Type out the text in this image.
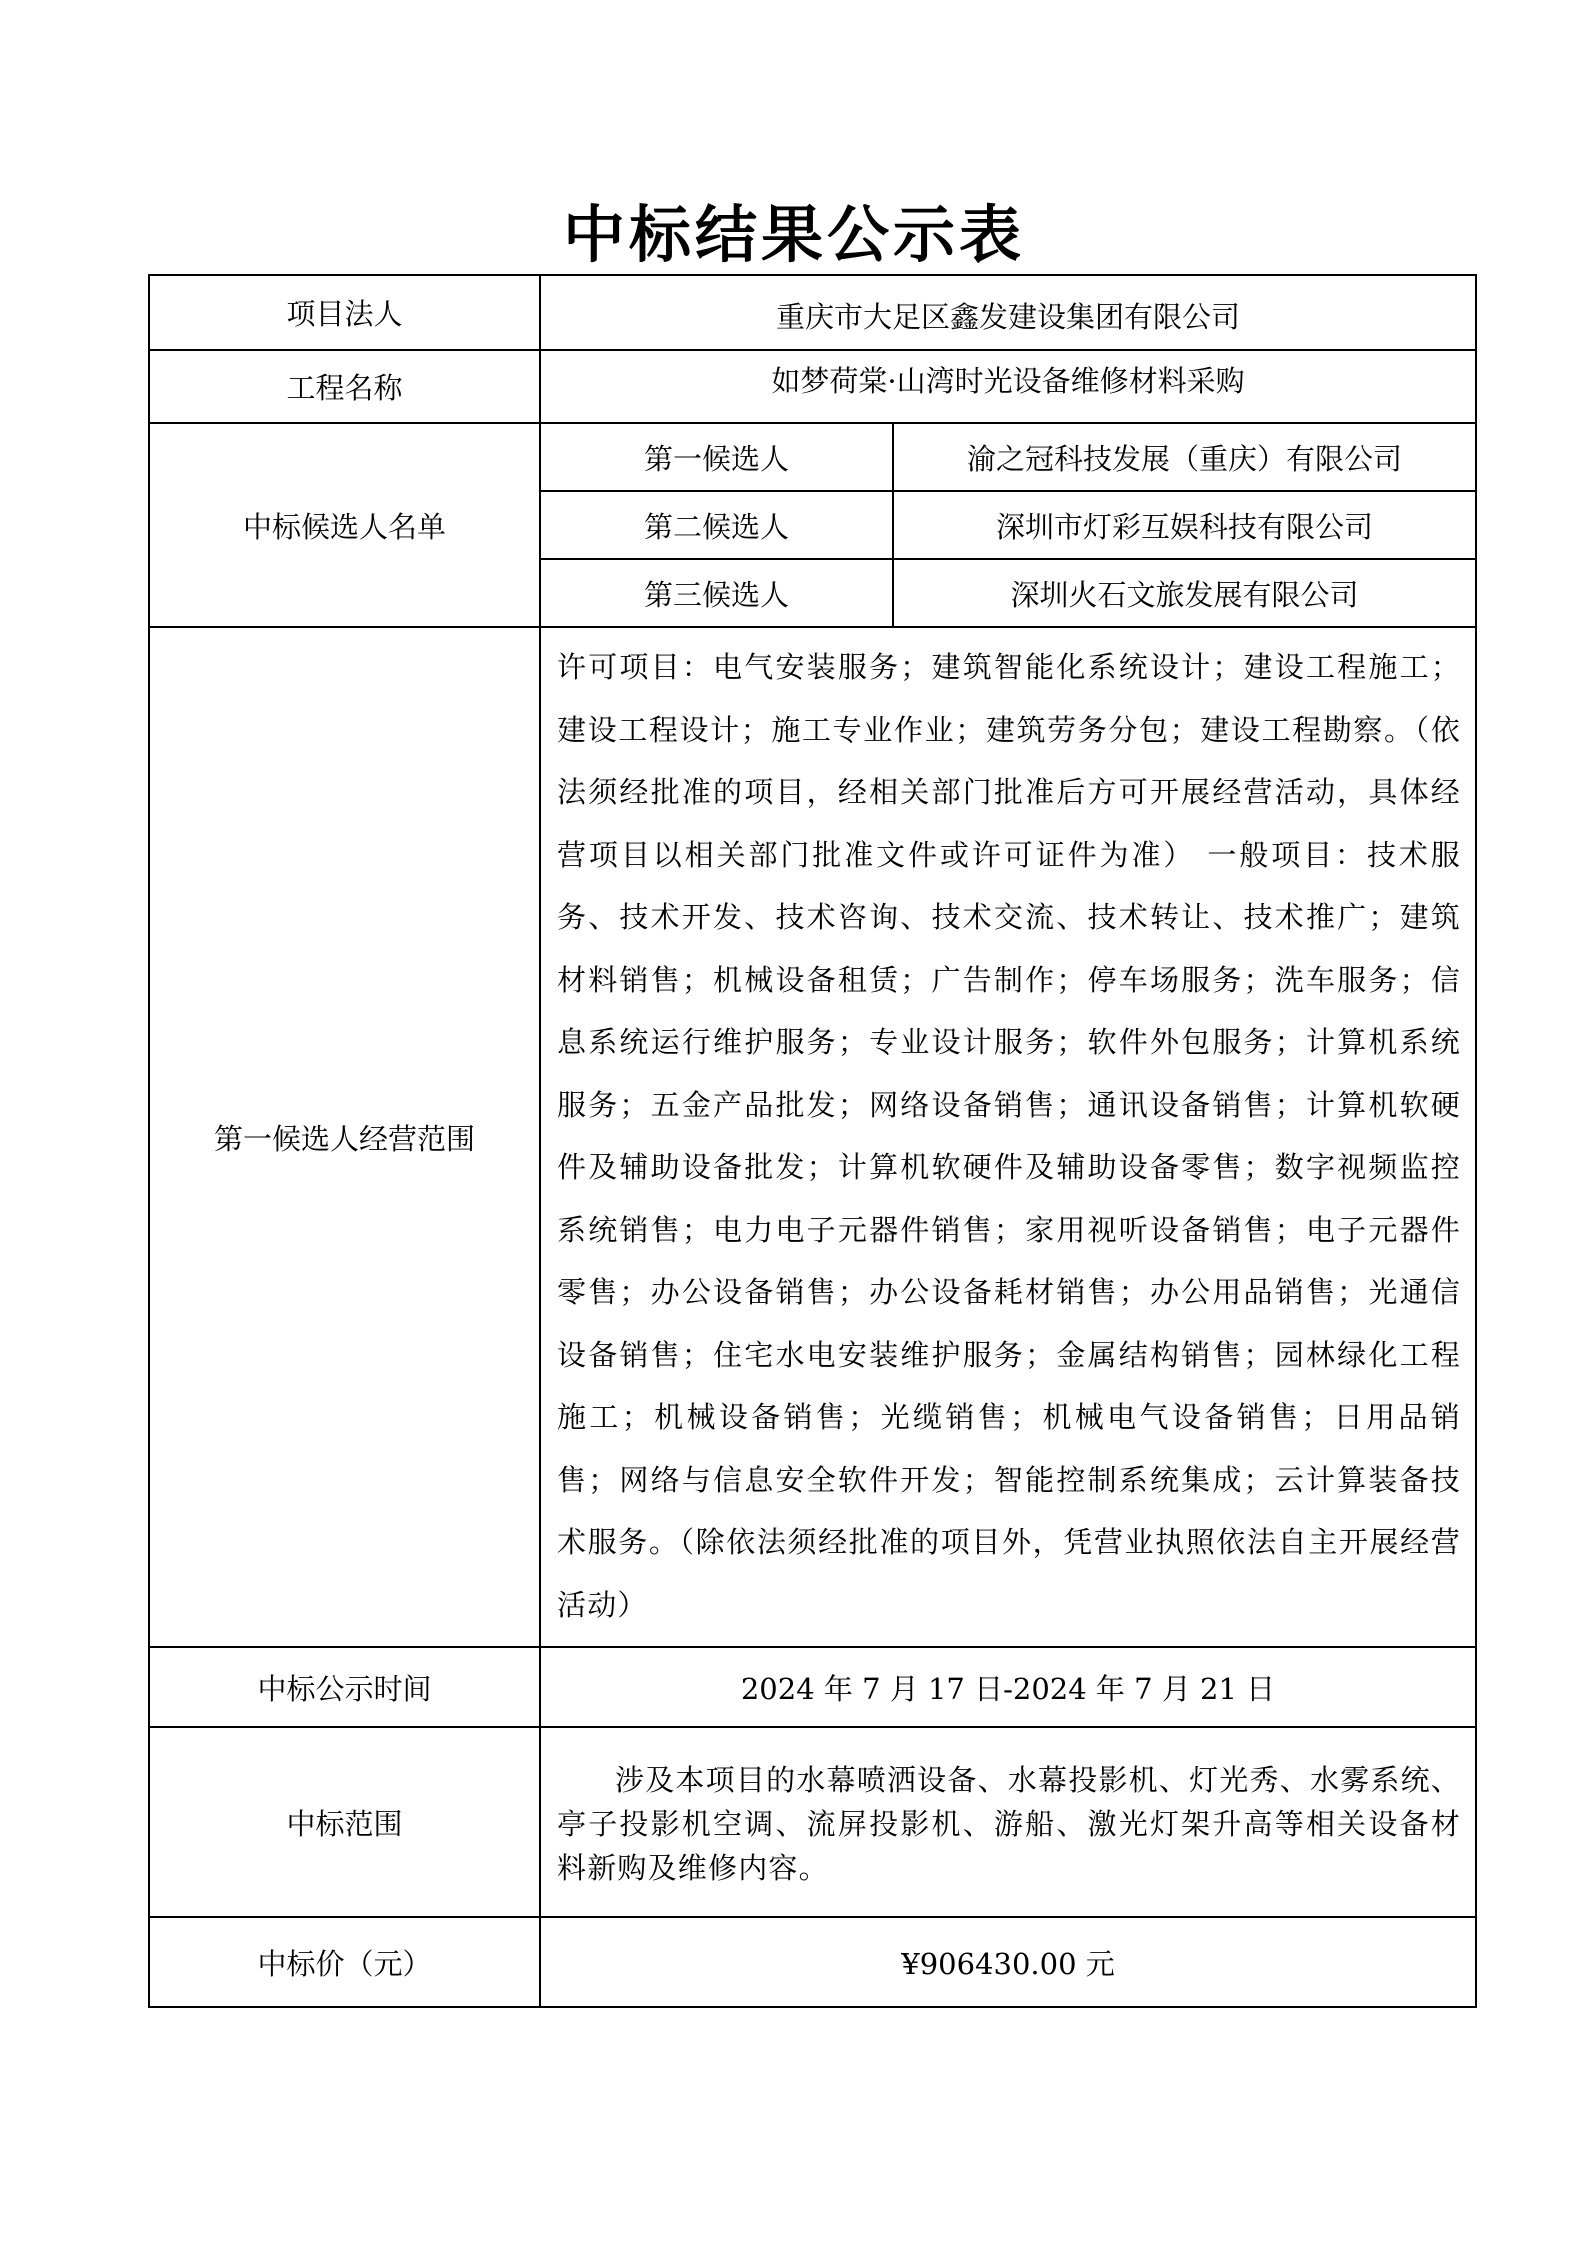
中标结果公示表
项目法人	重庆市大足区鑫发建设集团有限公司	
工程名称	如梦荷棠·山湾时光设备维修材料采购	
中标候选人名单	第一候选人	渝之冠科技发展（重庆）有限公司
	第二候选人	深圳市灯彩互娱科技有限公司
	第三候选人	深圳火石文旅发展有限公司
第一候选人经营范围	许可项目：电气安装服务；建筑智能化系统设计；建设工程施工；建设工程设计；施工专业作业；建筑劳务分包；建设工程勘察。（依法须经批准的项目，经相关部门批准后方可开展经营活动，具体经营项目以相关部门批准文件或许可证件为准） 一般项目：技术服务、技术开发、技术咨询、技术交流、技术转让、技术推广；建筑材料销售；机械设备租赁；广告制作；停车场服务；洗车服务；信息系统运行维护服务；专业设计服务；软件外包服务；计算机系统服务；五金产品批发；网络设备销售；通讯设备销售；计算机软硬件及辅助设备批发；计算机软硬件及辅助设备零售；数字视频监控系统销售；电力电子元器件销售；家用视听设备销售；电子元器件零售；办公设备销售；办公设备耗材销售；办公用品销售；光通信设备销售；住宅水电安装维护服务；金属结构销售；园林绿化工程施工；机械设备销售；光缆销售；机械电气设备销售；日用品销售；网络与信息安全软件开发；智能控制系统集成；云计算装备技术服务。（除依法须经批准的项目外，凭营业执照依法自主开展经营活动）	
中标公示时间	2024 年 7 月 17 日-2024 年 7 月 21 日	
中标范围	涉及本项目的水幕喷洒设备、水幕投影机、灯光秀、水雾系统、亭子投影机空调、流屏投影机、游船、激光灯架升高等相关设备材料新购及维修内容。	

中标价（元）	¥906430.00 元	
